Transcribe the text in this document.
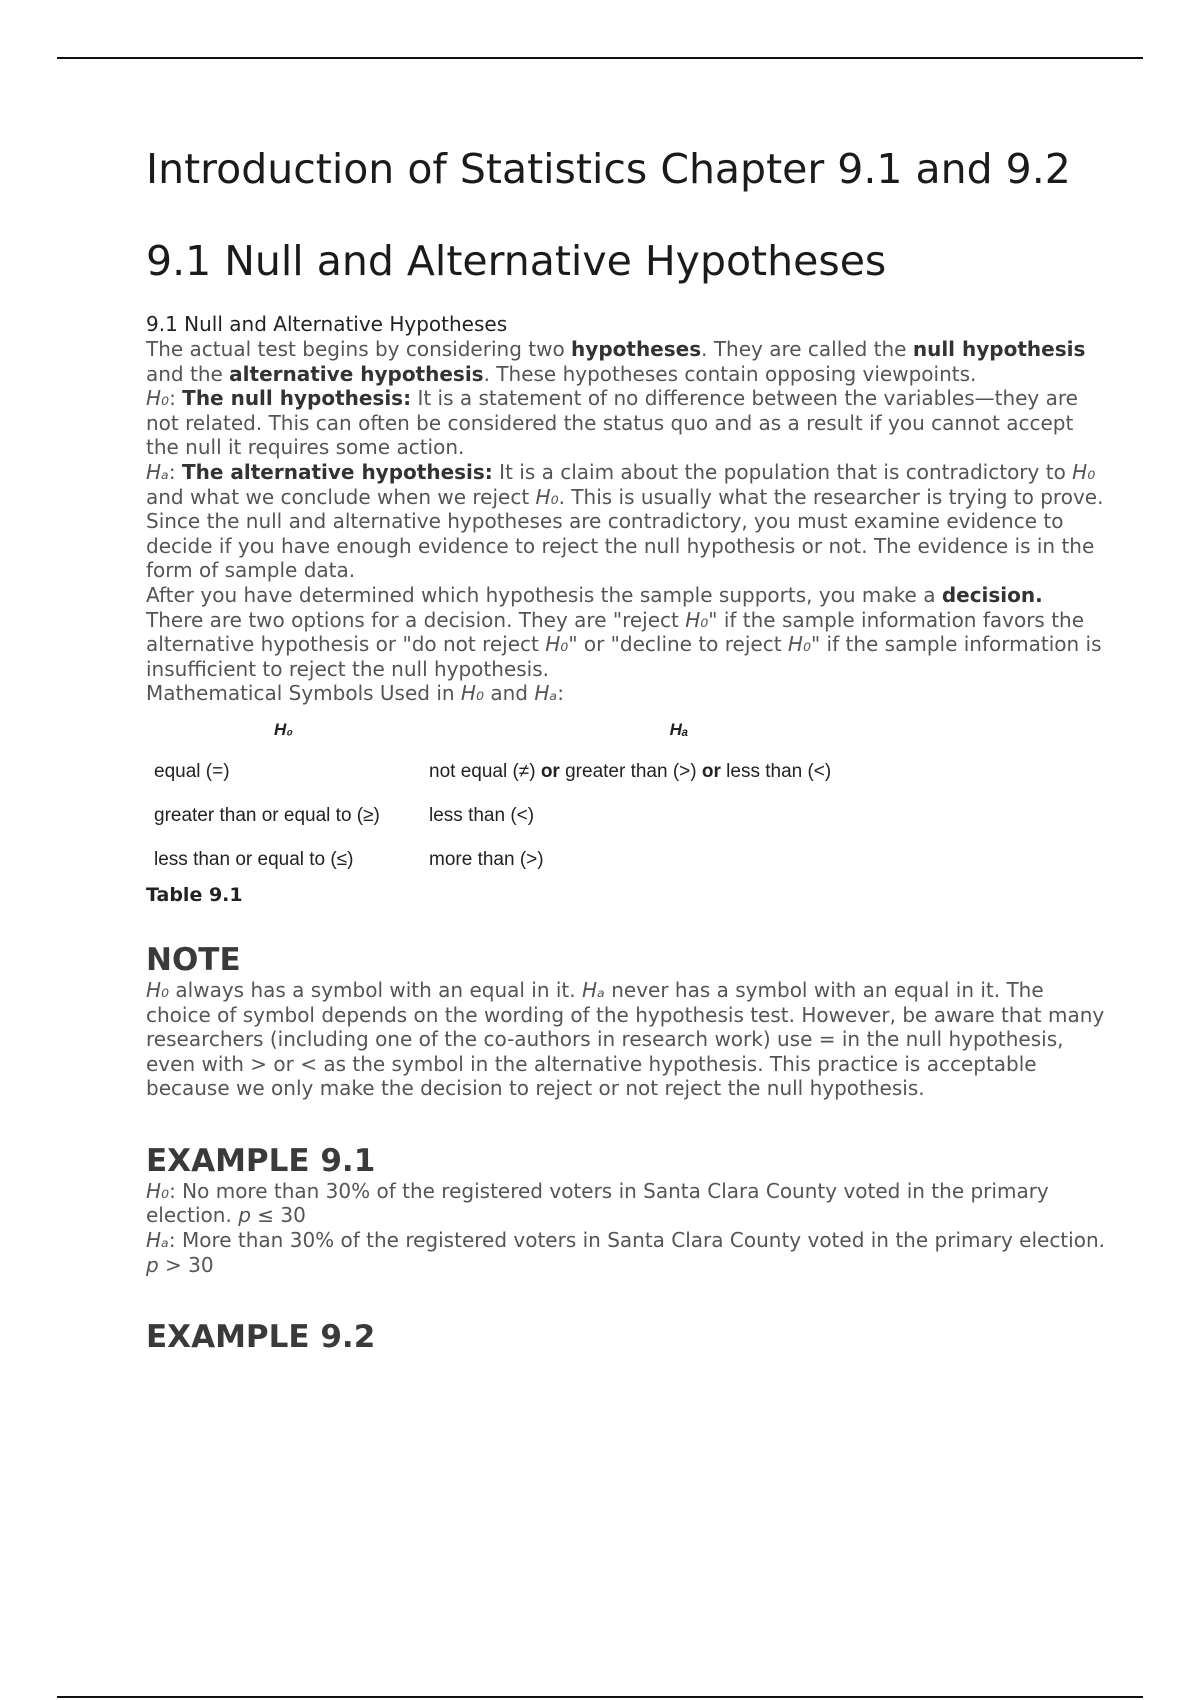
Introduction of Statistics Chapter 9.1 and 9.2
9.1 Null and Alternative Hypotheses
9.1 Null and Alternative Hypotheses

The actual test begins by considering two hypotheses. They are called the null hypothesis and the alternative hypothesis. These hypotheses contain opposing viewpoints.

H₀: The null hypothesis: It is a statement of no difference between the variables—they are not related. This can often be considered the status quo and as a result if you cannot accept the null it requires some action.

Hₐ: The alternative hypothesis: It is a claim about the population that is contradictory to H₀ and what we conclude when we reject H₀. This is usually what the researcher is trying to prove.

Since the null and alternative hypotheses are contradictory, you must examine evidence to decide if you have enough evidence to reject the null hypothesis or not. The evidence is in the form of sample data.

After you have determined which hypothesis the sample supports, you make a decision. There are two options for a decision. They are "reject H₀" if the sample information favors the alternative hypothesis or "do not reject H₀" or "decline to reject H₀" if the sample information is insufficient to reject the null hypothesis.

Mathematical Symbols Used in H₀ and Hₐ:

H₀	Hₐ
equal (=)	not equal (≠) or greater than (>) or less than (<)
greater than or equal to (≥)	less than (<)
less than or equal to (≤)	more than (>)
Table 9.1
NOTE

H₀ always has a symbol with an equal in it. Hₐ never has a symbol with an equal in it. The choice of symbol depends on the wording of the hypothesis test. However, be aware that many researchers (including one of the co-authors in research work) use = in the null hypothesis, even with > or < as the symbol in the alternative hypothesis. This practice is acceptable because we only make the decision to reject or not reject the null hypothesis.

EXAMPLE 9.1

H₀: No more than 30% of the registered voters in Santa Clara County voted in the primary election. p ≤ 30

Hₐ: More than 30% of the registered voters in Santa Clara County voted in the primary election. p > 30

EXAMPLE 9.2
